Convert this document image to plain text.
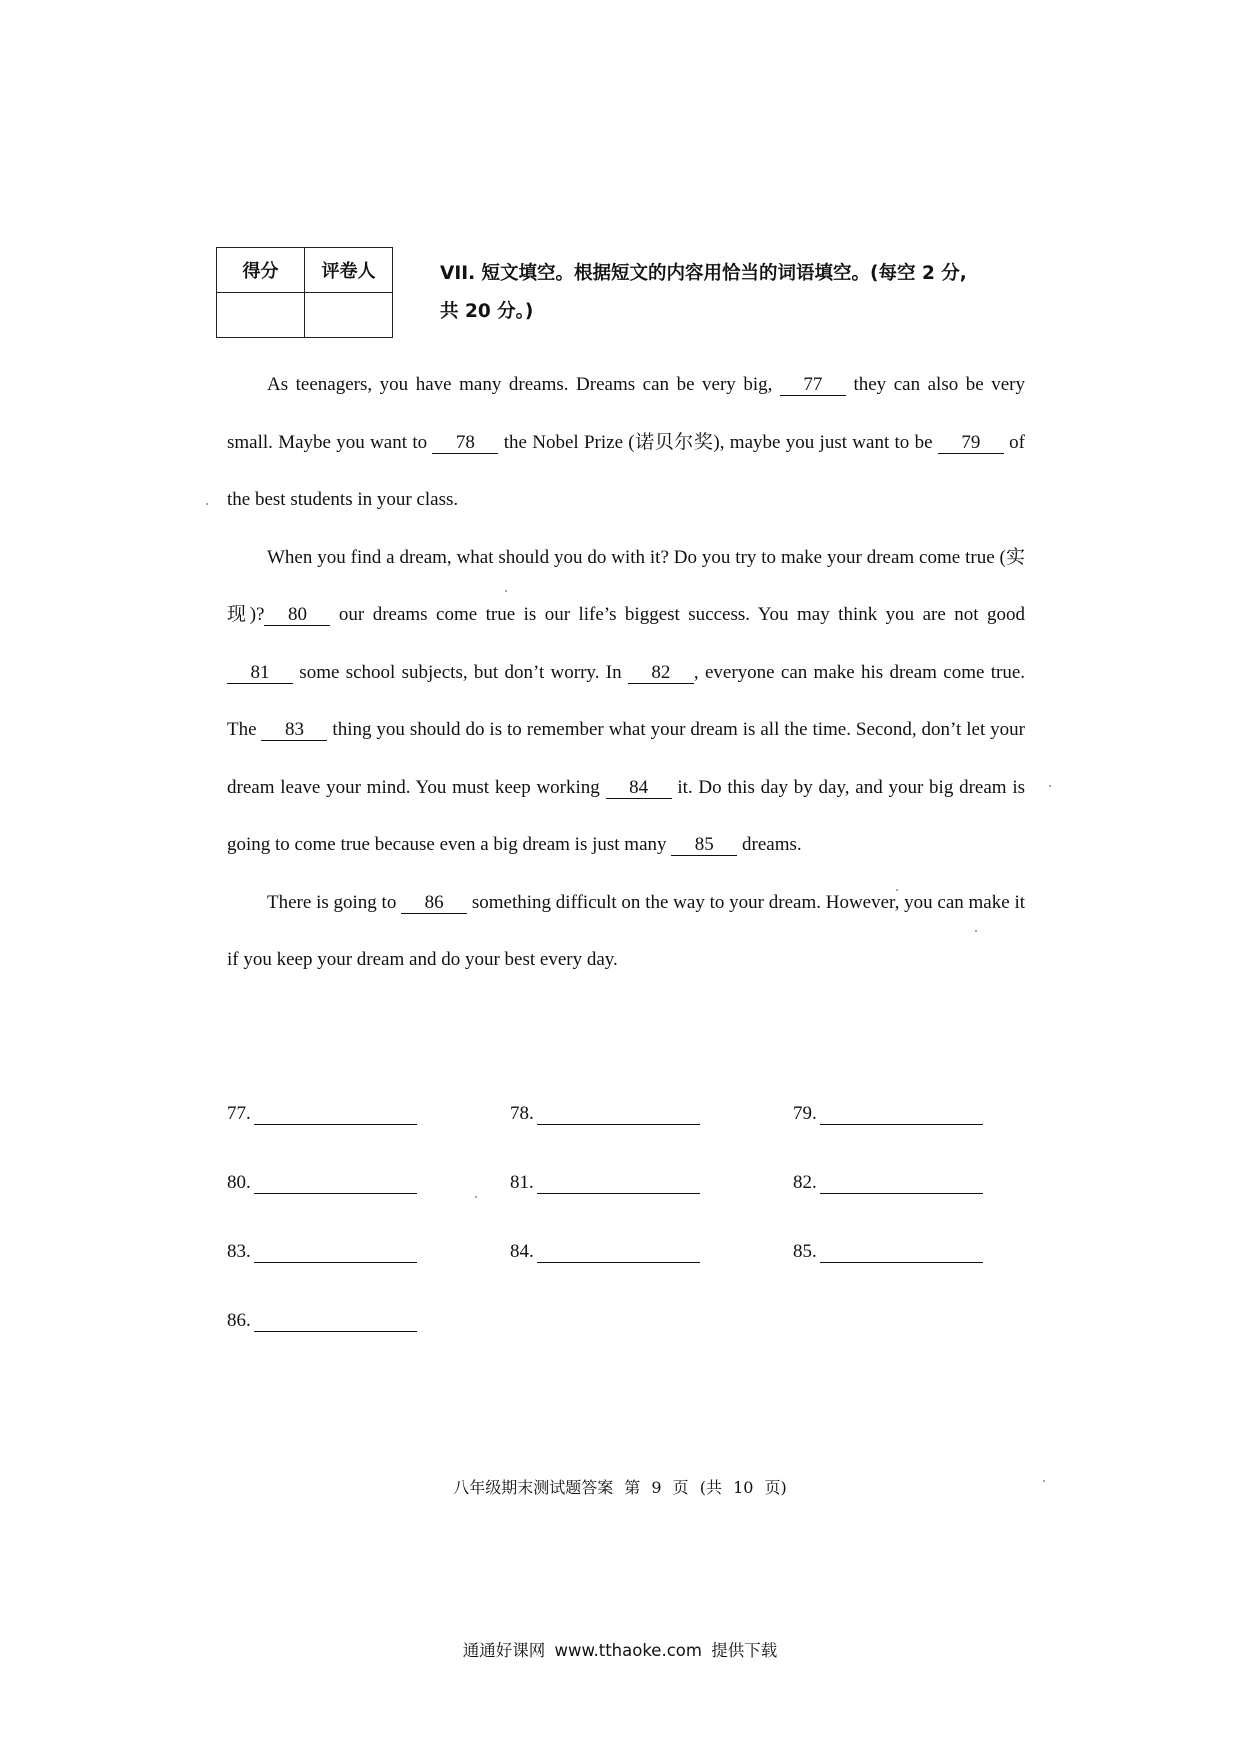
得分	评卷人
		VII. 短文填空。根据短文的内容用恰当的词语填空。(每空 2 分,
共 20 分。)

As teenagers, you have many dreams. Dreams can be very big, 77 they can also be very small. Maybe you want to 78 the Nobel Prize (诺贝尔奖), maybe you just want to be 79 of the best students in your class.

When you find a dream, what should you do with it? Do you try to make your dream come true (实现)? 80 our dreams come true is our life’s biggest success. You may think you are not good 81 some school subjects, but don’t worry. In 82 , everyone can make his dream come true. The 83 thing you should do is to remember what your dream is all the time. Second, don’t let your dream leave your mind. You must keep working 84 it. Do this day by day, and your big dream is going to come true because even a big dream is just many 85 dreams.

There is going to 86 something difficult on the way to your dream. However, you can make it if you keep your dream and do your best every day.

77.	78.	79.
80.	81.	82.
83.	84.	85.
86.
八年级期末测试题答案 第 9 页 (共 10 页)
通通好课网 www.tthaoke.com 提供下载
